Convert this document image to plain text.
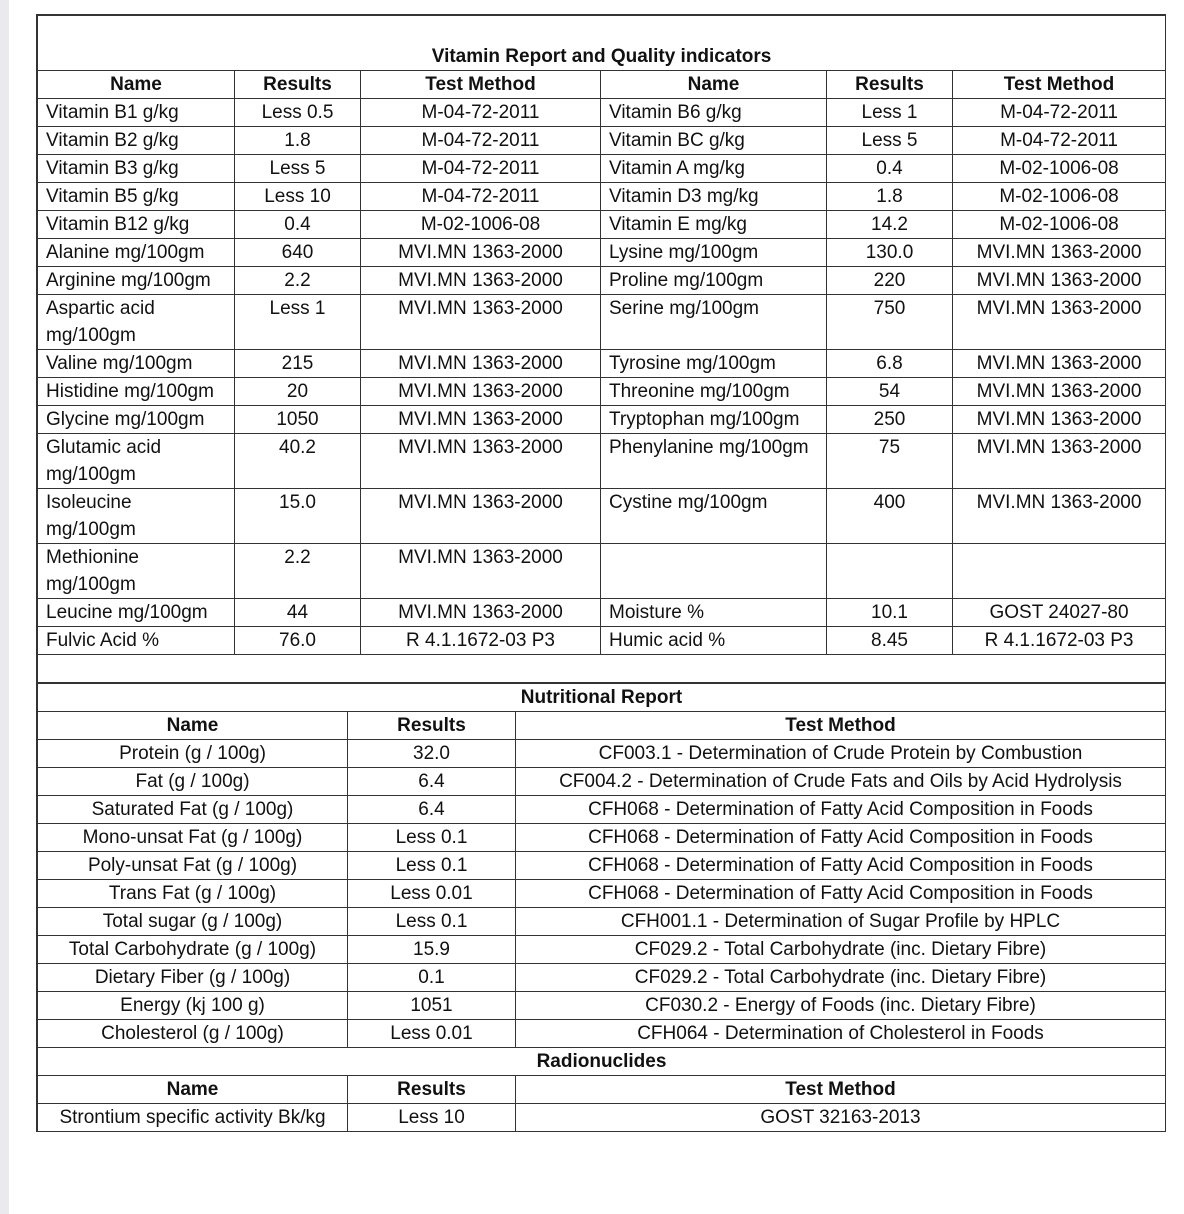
Vitamin Report and Quality indicators					
Name	Results	Test Method	Name	Results	Test Method
Vitamin B1 g/kg	Less 0.5	M-04-72-2011	Vitamin B6 g/kg	Less 1	M-04-72-2011
Vitamin B2 g/kg	1.8	M-04-72-2011	Vitamin BC g/kg	Less 5	M-04-72-2011
Vitamin B3 g/kg	Less 5	M-04-72-2011	Vitamin A mg/kg	0.4	M-02-1006-08
Vitamin B5 g/kg	Less 10	M-04-72-2011	Vitamin D3 mg/kg	1.8	M-02-1006-08
Vitamin B12 g/kg	0.4	M-02-1006-08	Vitamin E mg/kg	14.2	M-02-1006-08
Alanine mg/100gm	640	MVI.MN 1363-2000	Lysine mg/100gm	130.0	MVI.MN 1363-2000
Arginine mg/100gm	2.2	MVI.MN 1363-2000	Proline mg/100gm	220	MVI.MN 1363-2000
Aspartic acid mg/100gm	Less 1	MVI.MN 1363-2000	Serine mg/100gm	750	MVI.MN 1363-2000
Valine mg/100gm	215	MVI.MN 1363-2000	Tyrosine mg/100gm	6.8	MVI.MN 1363-2000
Histidine mg/100gm	20	MVI.MN 1363-2000	Threonine mg/100gm	54	MVI.MN 1363-2000
Glycine mg/100gm	1050	MVI.MN 1363-2000	Tryptophan mg/100gm	250	MVI.MN 1363-2000
Glutamic acid mg/100gm	40.2	MVI.MN 1363-2000	Phenylanine mg/100gm	75	MVI.MN 1363-2000
Isoleucine mg/100gm	15.0	MVI.MN 1363-2000	Cystine mg/100gm	400	MVI.MN 1363-2000
Methionine mg/100gm	2.2	MVI.MN 1363-2000			
Leucine mg/100gm	44	MVI.MN 1363-2000	Moisture %	10.1	GOST 24027-80
Fulvic Acid %	76.0	R 4.1.1672-03 P3	Humic acid %	8.45	R 4.1.1672-03 P3

Nutritional Report		
Name	Results	Test Method
Protein (g / 100g)	32.0	CF003.1 - Determination of Crude Protein by Combustion
Fat (g / 100g)	6.4	CF004.2 - Determination of Crude Fats and Oils by Acid Hydrolysis
Saturated Fat (g / 100g)	6.4	CFH068 - Determination of Fatty Acid Composition in Foods
Mono-unsat Fat (g / 100g)	Less 0.1	CFH068 - Determination of Fatty Acid Composition in Foods
Poly-unsat Fat (g / 100g)	Less 0.1	CFH068 - Determination of Fatty Acid Composition in Foods
Trans Fat (g / 100g)	Less 0.01	CFH068 - Determination of Fatty Acid Composition in Foods
Total sugar (g / 100g)	Less 0.1	CFH001.1 - Determination of Sugar Profile by HPLC
Total Carbohydrate (g / 100g)	15.9	CF029.2 - Total Carbohydrate (inc. Dietary Fibre)
Dietary Fiber (g / 100g)	0.1	CF029.2 - Total Carbohydrate (inc. Dietary Fibre)
Energy (kj 100 g)	1051	CF030.2 - Energy of Foods (inc. Dietary Fibre)
Cholesterol (g / 100g)	Less 0.01	CFH064 - Determination of Cholesterol in Foods
Radionuclides		
Name	Results	Test Method
Strontium specific activity Bk/kg	Less 10	GOST 32163-2013
